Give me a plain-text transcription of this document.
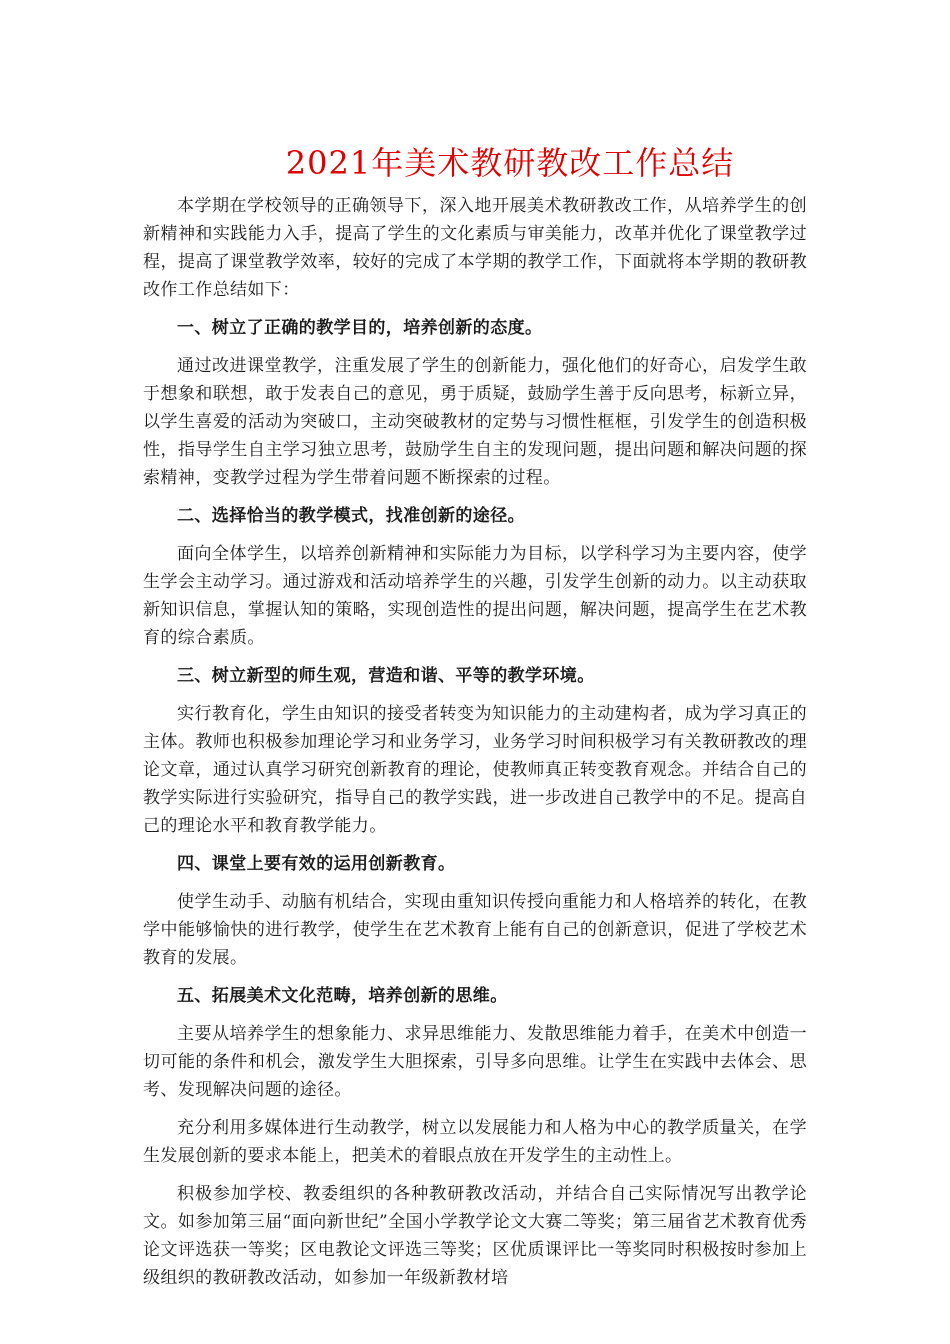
2021年美术教研教改工作总结

本学期在学校领导的正确领导下，深入地开展美术教研教改工作，从培养学生的创新精神和实践能力入手，提高了学生的文化素质与审美能力，改革并优化了课堂教学过程，提高了课堂教学效率，较好的完成了本学期的教学工作，下面就将本学期的教研教改作工作总结如下：

一、树立了正确的教学目的，培养创新的态度。

通过改进课堂教学，注重发展了学生的创新能力，强化他们的好奇心，启发学生敢于想象和联想，敢于发表自己的意见，勇于质疑，鼓励学生善于反向思考，标新立异，以学生喜爱的活动为突破口，主动突破教材的定势与习惯性框框，引发学生的创造积极性，指导学生自主学习独立思考，鼓励学生自主的发现问题，提出问题和解决问题的探索精神，变教学过程为学生带着问题不断探索的过程。

二、选择恰当的教学模式，找准创新的途径。

面向全体学生，以培养创新精神和实际能力为目标，以学科学习为主要内容，使学生学会主动学习。通过游戏和活动培养学生的兴趣，引发学生创新的动力。以主动获取新知识信息，掌握认知的策略，实现创造性的提出问题，解决问题，提高学生在艺术教育的综合素质。

三、树立新型的师生观，营造和谐、平等的教学环境。

实行教育化，学生由知识的接受者转变为知识能力的主动建构者，成为学习真正的主体。教师也积极参加理论学习和业务学习，业务学习时间积极学习有关教研教改的理论文章，通过认真学习研究创新教育的理论，使教师真正转变教育观念。并结合自己的教学实际进行实验研究，指导自己的教学实践，进一步改进自己教学中的不足。提高自己的理论水平和教育教学能力。

四、课堂上要有效的运用创新教育。

使学生动手、动脑有机结合，实现由重知识传授向重能力和人格培养的转化，在教学中能够愉快的进行教学，使学生在艺术教育上能有自己的创新意识，促进了学校艺术教育的发展。

五、拓展美术文化范畴，培养创新的思维。

主要从培养学生的想象能力、求异思维能力、发散思维能力着手，在美术中创造一切可能的条件和机会，激发学生大胆探索，引导多向思维。让学生在实践中去体会、思考、发现解决问题的途径。

充分利用多媒体进行生动教学，树立以发展能力和人格为中心的教学质量关，在学生发展创新的要求本能上，把美术的着眼点放在开发学生的主动性上。

积极参加学校、教委组织的各种教研教改活动，并结合自己实际情况写出教学论文。如参加第三届“面向新世纪”全国小学教学论文大赛二等奖；第三届省艺术教育优秀论文评选获一等奖；区电教论文评选三等奖；区优质课评比一等奖同时积极按时参加上级组织的教研教改活动，如参加一年级新教材培
